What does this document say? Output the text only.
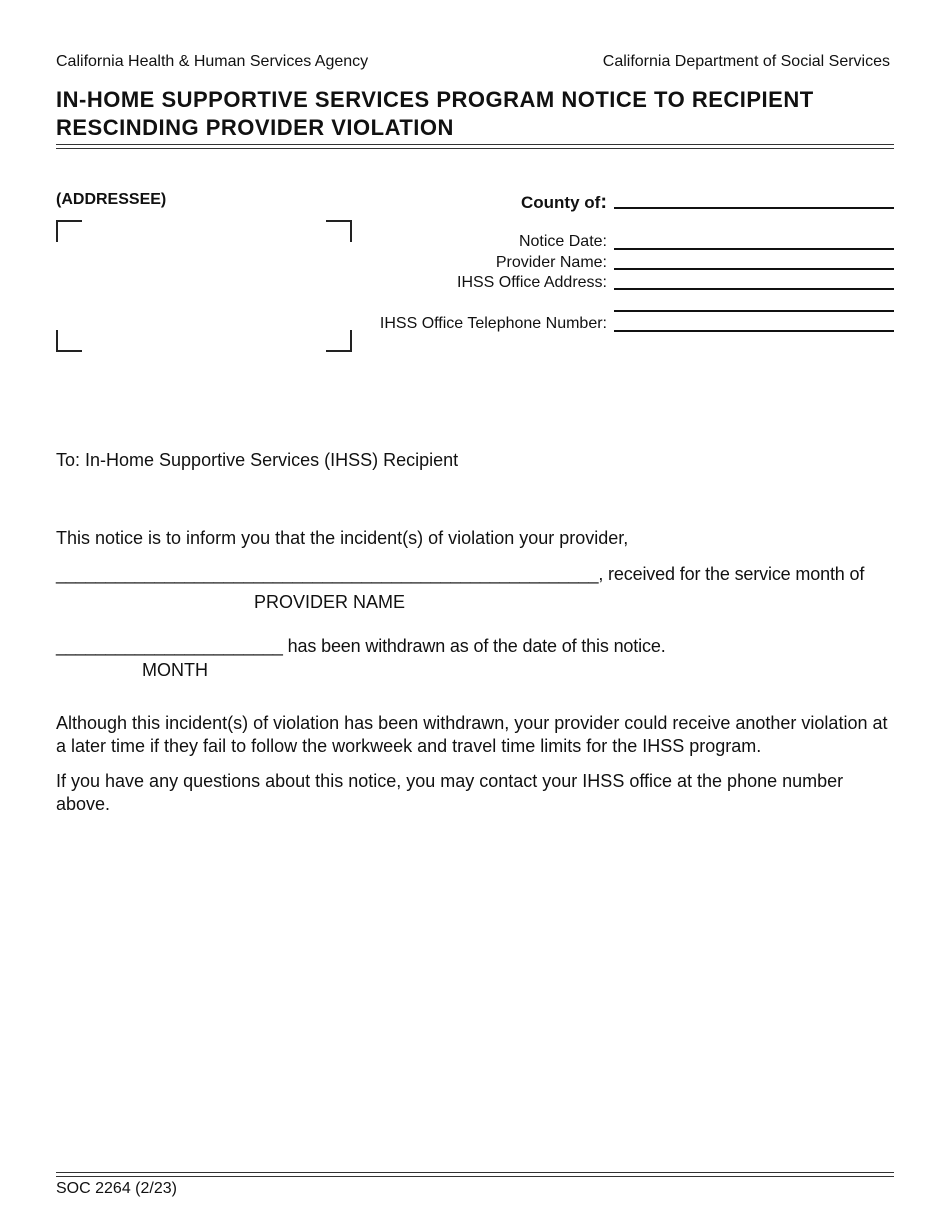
California Health & Human Services Agency	California Department of Social Services
IN-HOME SUPPORTIVE SERVICES PROGRAM NOTICE TO RECIPIENT
RESCINDING PROVIDER VIOLATION
(ADDRESSEE)	County of:
Notice Date:
Provider Name:
IHSS Office Address:
IHSS Office Telephone Number:
To: In-Home Supportive Services (IHSS) Recipient
This notice is to inform you that the incident(s) of violation your provider,
_______________________________________________________, received for the service month of
PROVIDER NAME
_______________________ has been withdrawn as of the date of this notice.
MONTH
Although this incident(s) of violation has been withdrawn, your provider could receive another violation at a later time if they fail to follow the workweek and travel time limits for the IHSS program.
If you have any questions about this notice, you may contact your IHSS office at the phone number above.
SOC 2264 (2/23)
